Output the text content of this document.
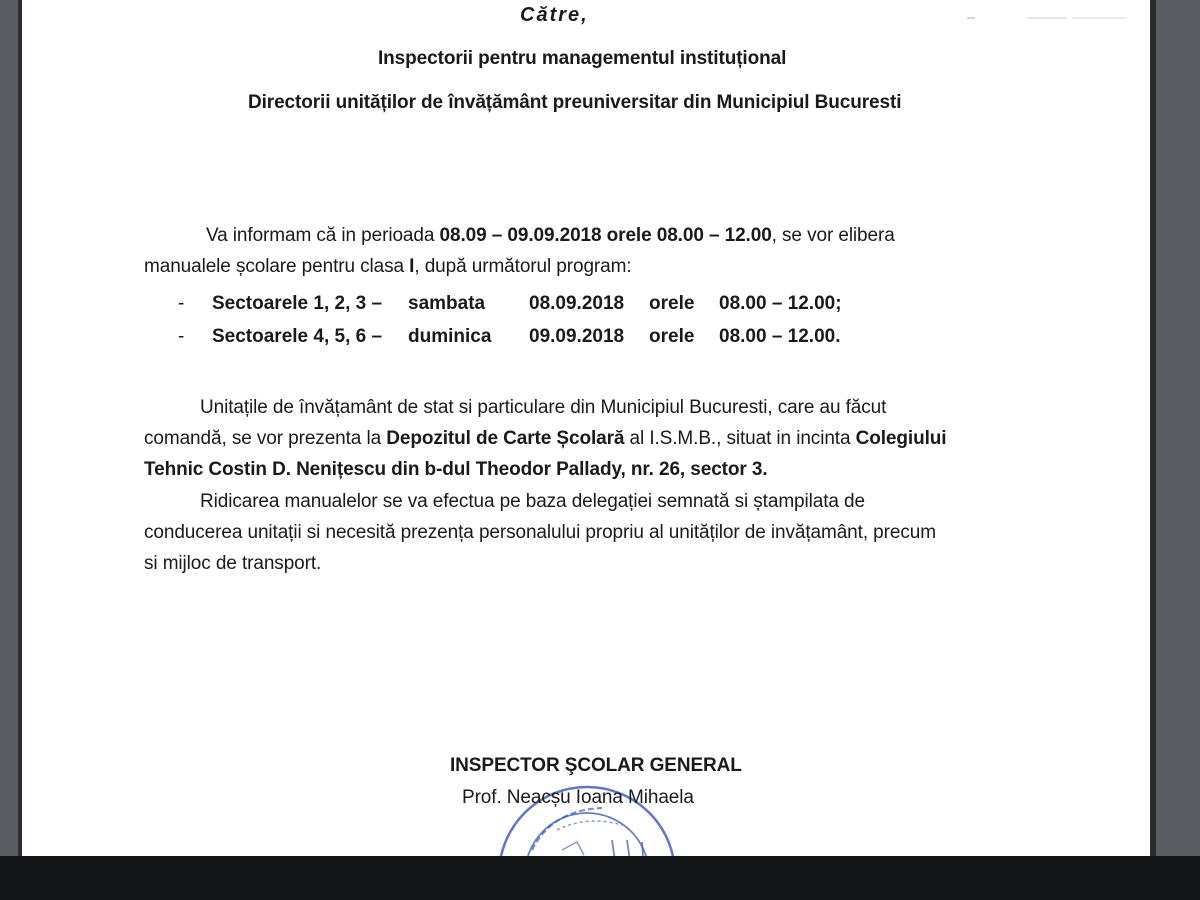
Către,
Inspectorii pentru managementul instituțional
Directorii unităților de învățământ preuniversitar din Municipiul Bucuresti
Va informam că in perioada 08.09 – 09.09.2018 orele 08.00 – 12.00, se vor elibera
manualele școlare pentru clasa I, după următorul program:
- Sectoarele 1, 2, 3 – sambata 08.09.2018 orele 08.00 – 12.00;
- Sectoarele 4, 5, 6 – duminica 09.09.2018 orele 08.00 – 12.00.
Unitațile de învățamânt de stat si particulare din Municipiul Bucuresti, care au făcut
comandă, se vor prezenta la Depozitul de Carte Școlară al I.S.M.B., situat in incinta Colegiului
Tehnic Costin D. Nenițescu din b-dul Theodor Pallady, nr. 26, sector 3.
Ridicarea manualelor se va efectua pe baza delegației semnată si ștampilata de
conducerea unitații si necesită prezența personalului propriu al unităților de invățamânt, precum
si mijloc de transport.
INSPECTOR ŞCOLAR GENERAL
Prof. Neacșu Ioana Mihaela
